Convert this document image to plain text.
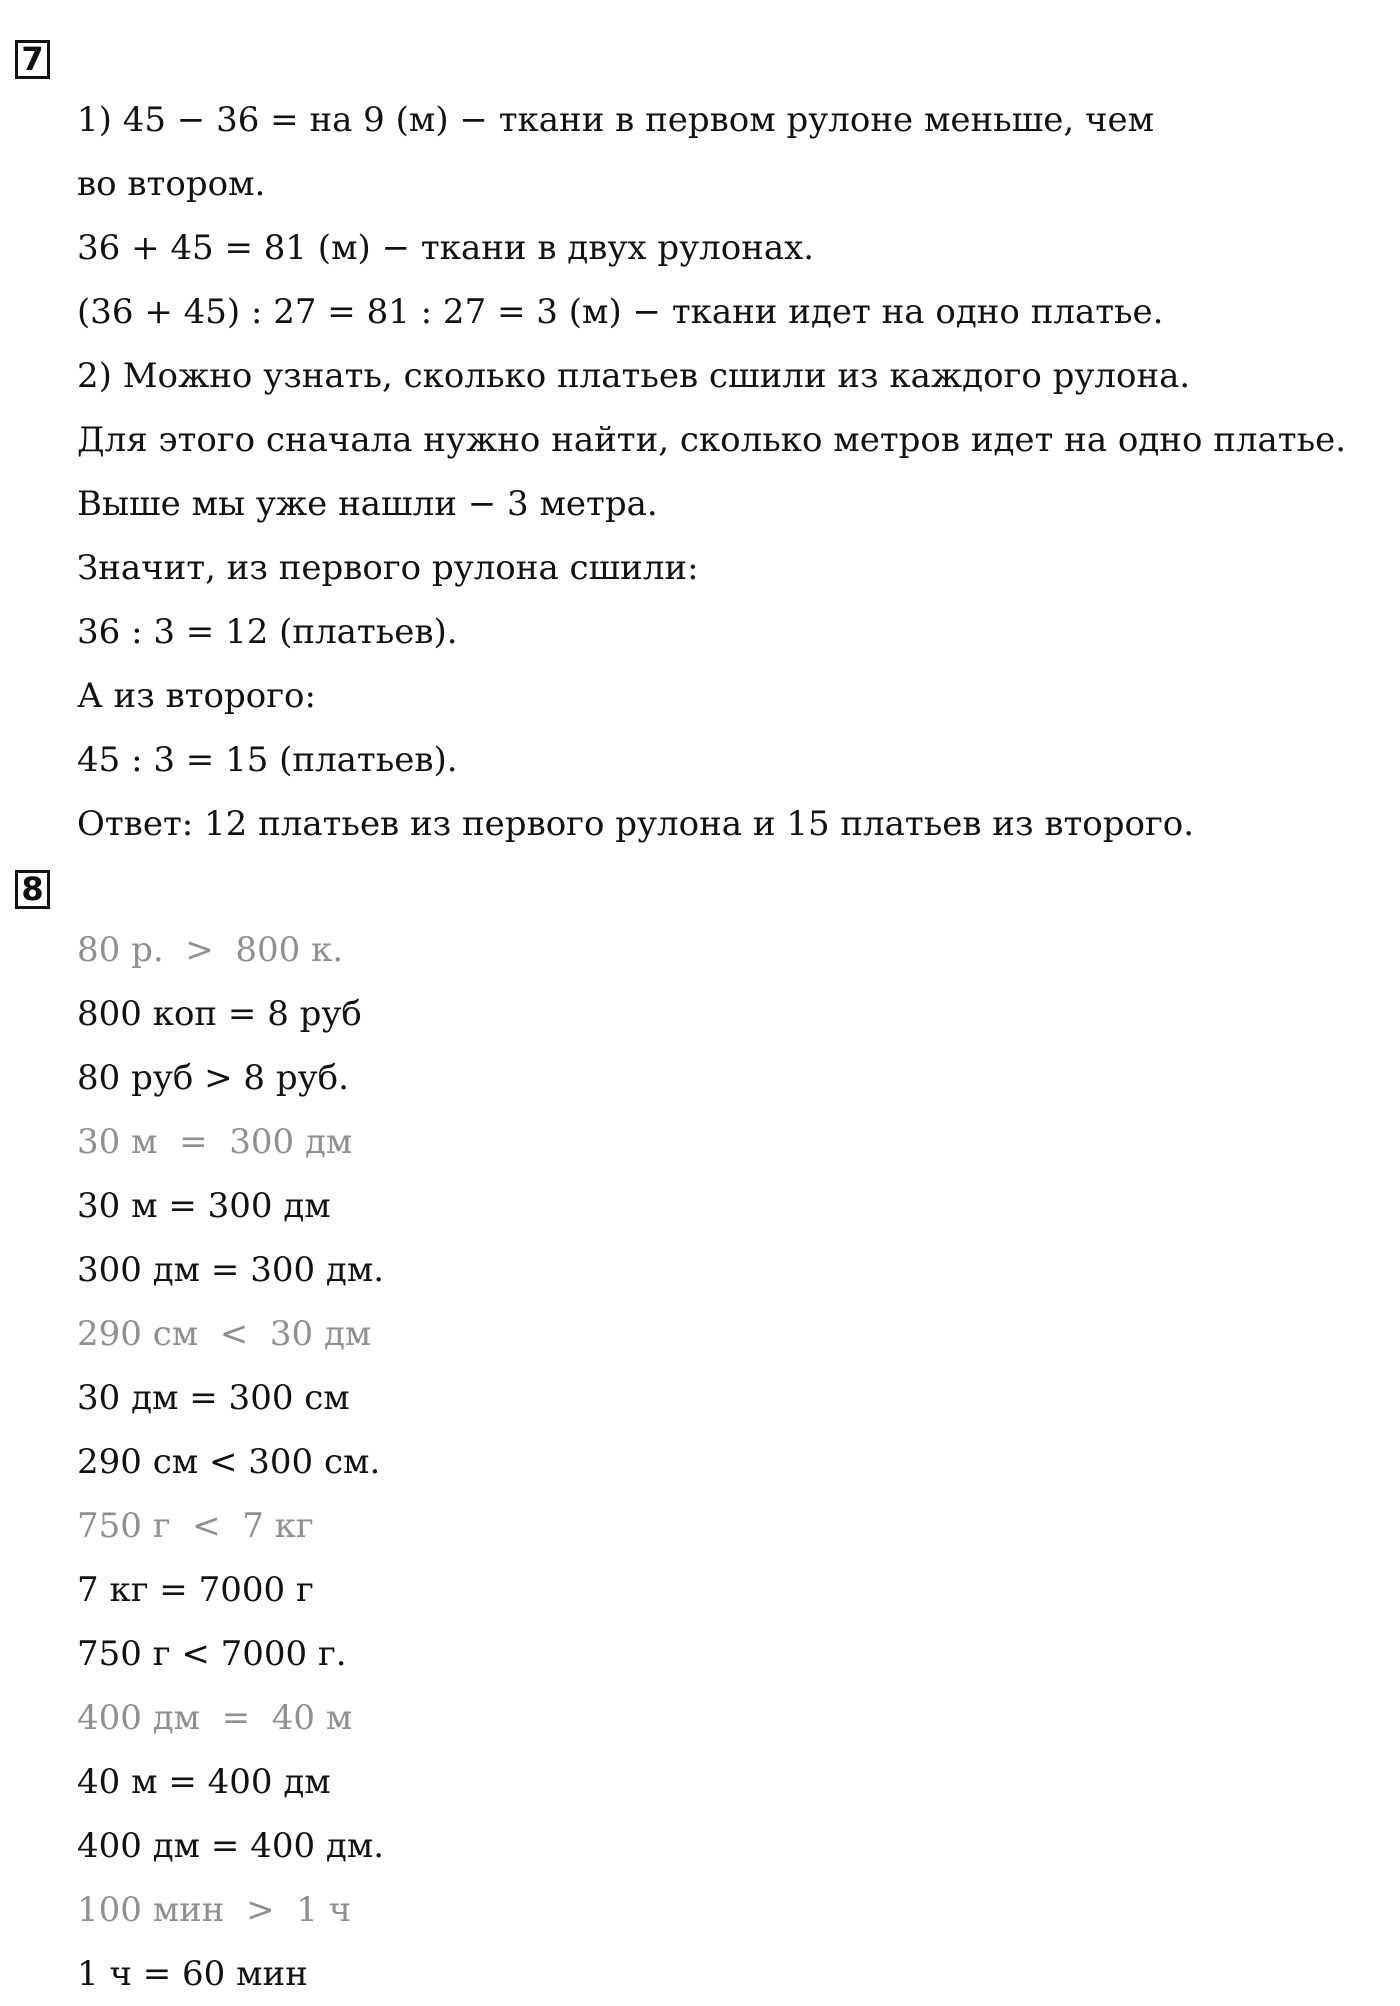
7
1) 45 − 36 = на 9 (м) − ткани в первом рулоне меньше, чем
во втором.
36 + 45 = 81 (м) − ткани в двух рулонах.
(36 + 45) : 27 = 81 : 27 = 3 (м) − ткани идет на одно платье.
2) Можно узнать, сколько платьев сшили из каждого рулона.
Для этого сначала нужно найти, сколько метров идет на одно платье.
Выше мы уже нашли − 3 метра.
Значит, из первого рулона сшили:
36 : 3 = 12 (платьев).
А из второго:
45 : 3 = 15 (платьев).
Ответ: 12 платьев из первого рулона и 15 платьев из второго.
8
80 р.  >  800 к.
800 коп = 8 руб
80 руб > 8 руб.
30 м  =  300 дм
30 м = 300 дм
300 дм = 300 дм.
290 см  <  30 дм
30 дм = 300 см
290 см < 300 см.
750 г  <  7 кг
7 кг = 7000 г
750 г < 7000 г.
400 дм  =  40 м
40 м = 400 дм
400 дм = 400 дм.
100 мин  >  1 ч
1 ч = 60 мин
